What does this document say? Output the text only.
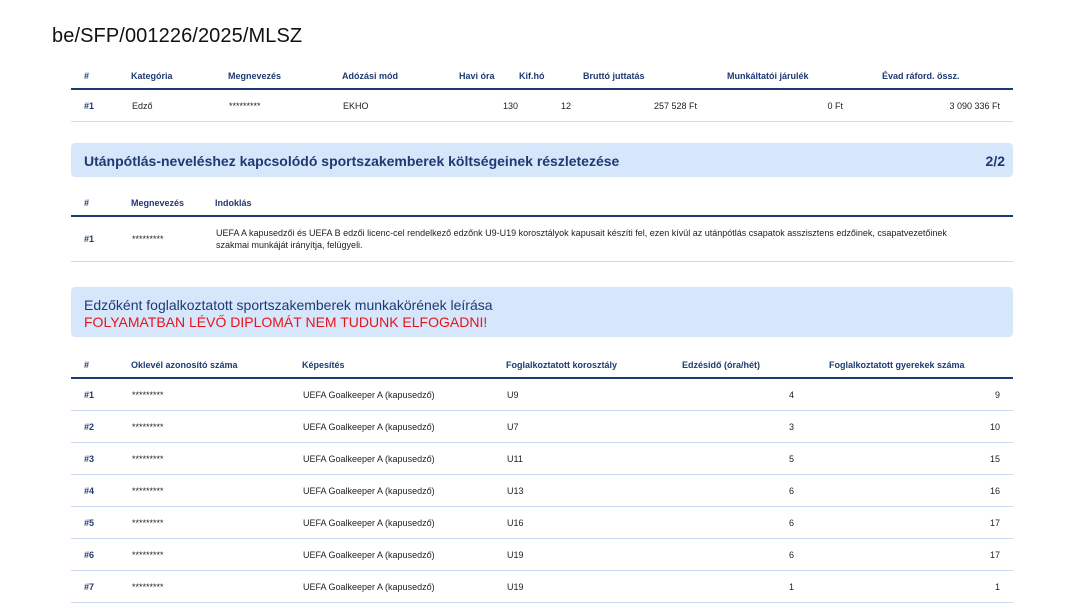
be/SFP/001226/2025/MLSZ
#	Kategória	Megnevezés	Adózási mód	Havi óra	Kif.hó	Bruttó juttatás	Munkáltatói járulék	Évad ráford. össz.
#1	Edző	*********	EKHO	130	12	257 528 Ft	0 Ft	3 090 336 Ft
Utánpótlás-neveléshez kapcsolódó sportszakemberek költségeinek részletezése	2/2
#	Megnevezés	Indoklás
#1	*********	UEFA A kapusedzői és UEFA B edzői licenc-cel rendelkező edzőnk U9-U19 korosztályok kapusait készíti fel, ezen kívül az utánpótlás csapatok asszisztens edzőinek, csapatvezetőinek szakmai munkáját irányítja, felügyeli.
Edzőként foglalkoztatott sportszakemberek munkakörének leírása
FOLYAMATBAN LÉVŐ DIPLOMÁT NEM TUDUNK ELFOGADNI!
#	Oklevél azonosító száma	Képesítés	Foglalkoztatott korosztály	Edzésidő (óra/hét)	Foglalkoztatott gyerekek száma
#1	*********	UEFA Goalkeeper A (kapusedző)	U9	4	9
#2	*********	UEFA Goalkeeper A (kapusedző)	U7	3	10
#3	*********	UEFA Goalkeeper A (kapusedző)	U11	5	15
#4	*********	UEFA Goalkeeper A (kapusedző)	U13	6	16
#5	*********	UEFA Goalkeeper A (kapusedző)	U16	6	17
#6	*********	UEFA Goalkeeper A (kapusedző)	U19	6	17
#7	*********	UEFA Goalkeeper A (kapusedző)	U19	1	1
